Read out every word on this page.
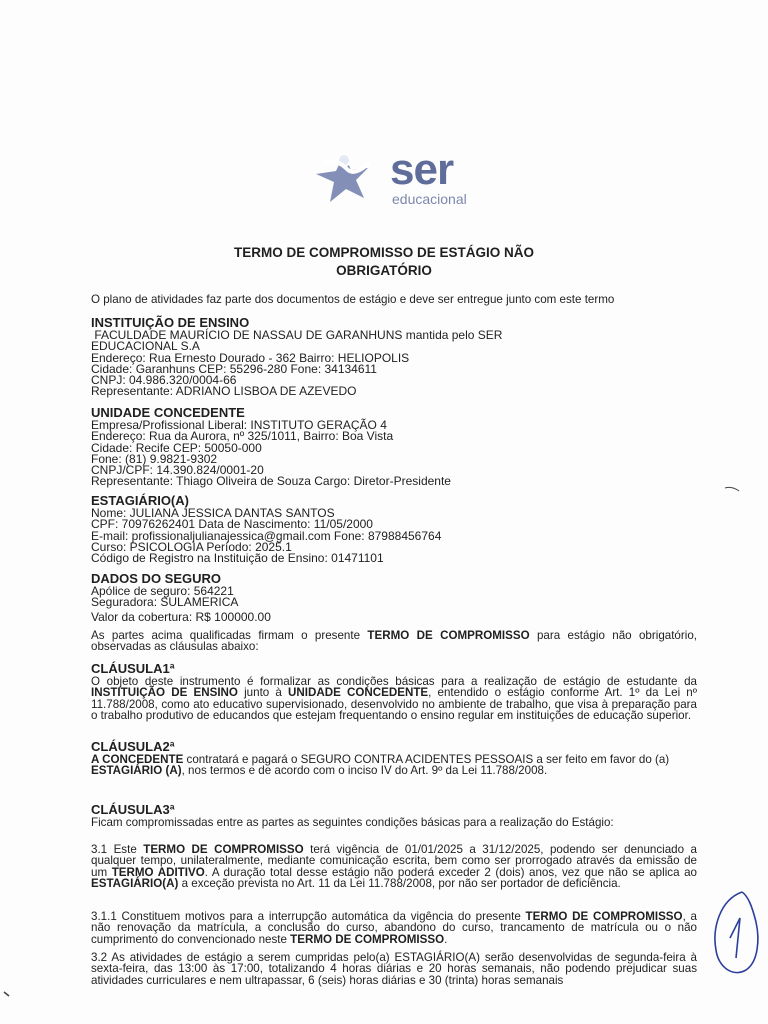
ser
educacional
TERMO DE COMPROMISSO DE ESTÁGIO NÃO
OBRIGATÓRIO
O plano de atividades faz parte dos documentos de estágio e deve ser entregue junto com este termo
INSTITUIÇÃO DE ENSINO
FACULDADE MAURÍCIO DE NASSAU DE GARANHUNS mantida pelo SER
EDUCACIONAL S.A
Endereço: Rua Ernesto Dourado - 362 Bairro: HELIOPOLIS
Cidade: Garanhuns CEP: 55296-280 Fone: 34134611
CNPJ: 04.986.320/0004-66
Representante: ADRIANO LISBOA DE AZEVEDO
UNIDADE CONCEDENTE
Empresa/Profissional Liberal: INSTITUTO GERAÇÃO 4
Endereço: Rua da Aurora, nº 325/1011, Bairro: Boa Vista
Cidade: Recife CEP: 50050-000
Fone: (81) 9.9821-9302
CNPJ/CPF: 14.390.824/0001-20
Representante: Thiago Oliveira de Souza Cargo: Diretor-Presidente
ESTAGIÁRIO(A)
Nome: JULIANA JESSICA DANTAS SANTOS
CPF: 70976262401 Data de Nascimento: 11/05/2000
E-mail: profissionaljulianajessica@gmail.com Fone: 87988456764
Curso: PSICOLOGIA Período: 2025.1
Código de Registro na Instituição de Ensino: 01471101
DADOS DO SEGURO
Apólice de seguro: 564221
Seguradora: SULAMERICA
Valor da cobertura: R$ 100000.00
As partes acima qualificadas firmam o presente TERMO DE COMPROMISSO para estágio não obrigatório, observadas as cláusulas abaixo:
CLÁUSULA1ª
O objeto deste instrumento é formalizar as condições básicas para a realização de estágio de estudante da INSTITUIÇÃO DE ENSINO junto à UNIDADE CONCEDENTE, entendido o estágio conforme Art. 1º da Lei nº 11.788/2008, como ato educativo supervisionado, desenvolvido no ambiente de trabalho, que visa à preparação para o trabalho produtivo de educandos que estejam frequentando o ensino regular em instituições de educação superior.
CLÁUSULA2ª
A CONCEDENTE contratará e pagará o SEGURO CONTRA ACIDENTES PESSOAIS a ser feito em favor do (a)
ESTAGIÁRIO (A), nos termos e de acordo com o inciso IV do Art. 9º da Lei 11.788/2008.
CLÁUSULA3ª
Ficam compromissadas entre as partes as seguintes condições básicas para a realização do Estágio:
3.1 Este TERMO DE COMPROMISSO terá vigência de 01/01/2025 a 31/12/2025, podendo ser denunciado a qualquer tempo, unilateralmente, mediante comunicação escrita, bem como ser prorrogado através da emissão de um TERMO ADITIVO. A duração total desse estágio não poderá exceder 2 (dois) anos, vez que não se aplica ao ESTAGIÁRIO(A) a exceção prevista no Art. 11 da Lei 11.788/2008, por não ser portador de deficiência.
3.1.1 Constituem motivos para a interrupção automática da vigência do presente TERMO DE COMPROMISSO, a não renovação da matrícula, a conclusão do curso, abandono do curso, trancamento de matrícula ou o não cumprimento do convencionado neste TERMO DE COMPROMISSO.
3.2 As atividades de estágio a serem cumpridas pelo(a) ESTAGIÁRIO(A) serão desenvolvidas de segunda-feira à sexta-feira, das 13:00 às 17:00, totalizando 4 horas diárias e 20 horas semanais, não podendo prejudicar suas atividades curriculares e nem ultrapassar, 6 (seis) horas diárias e 30 (trinta) horas semanais
